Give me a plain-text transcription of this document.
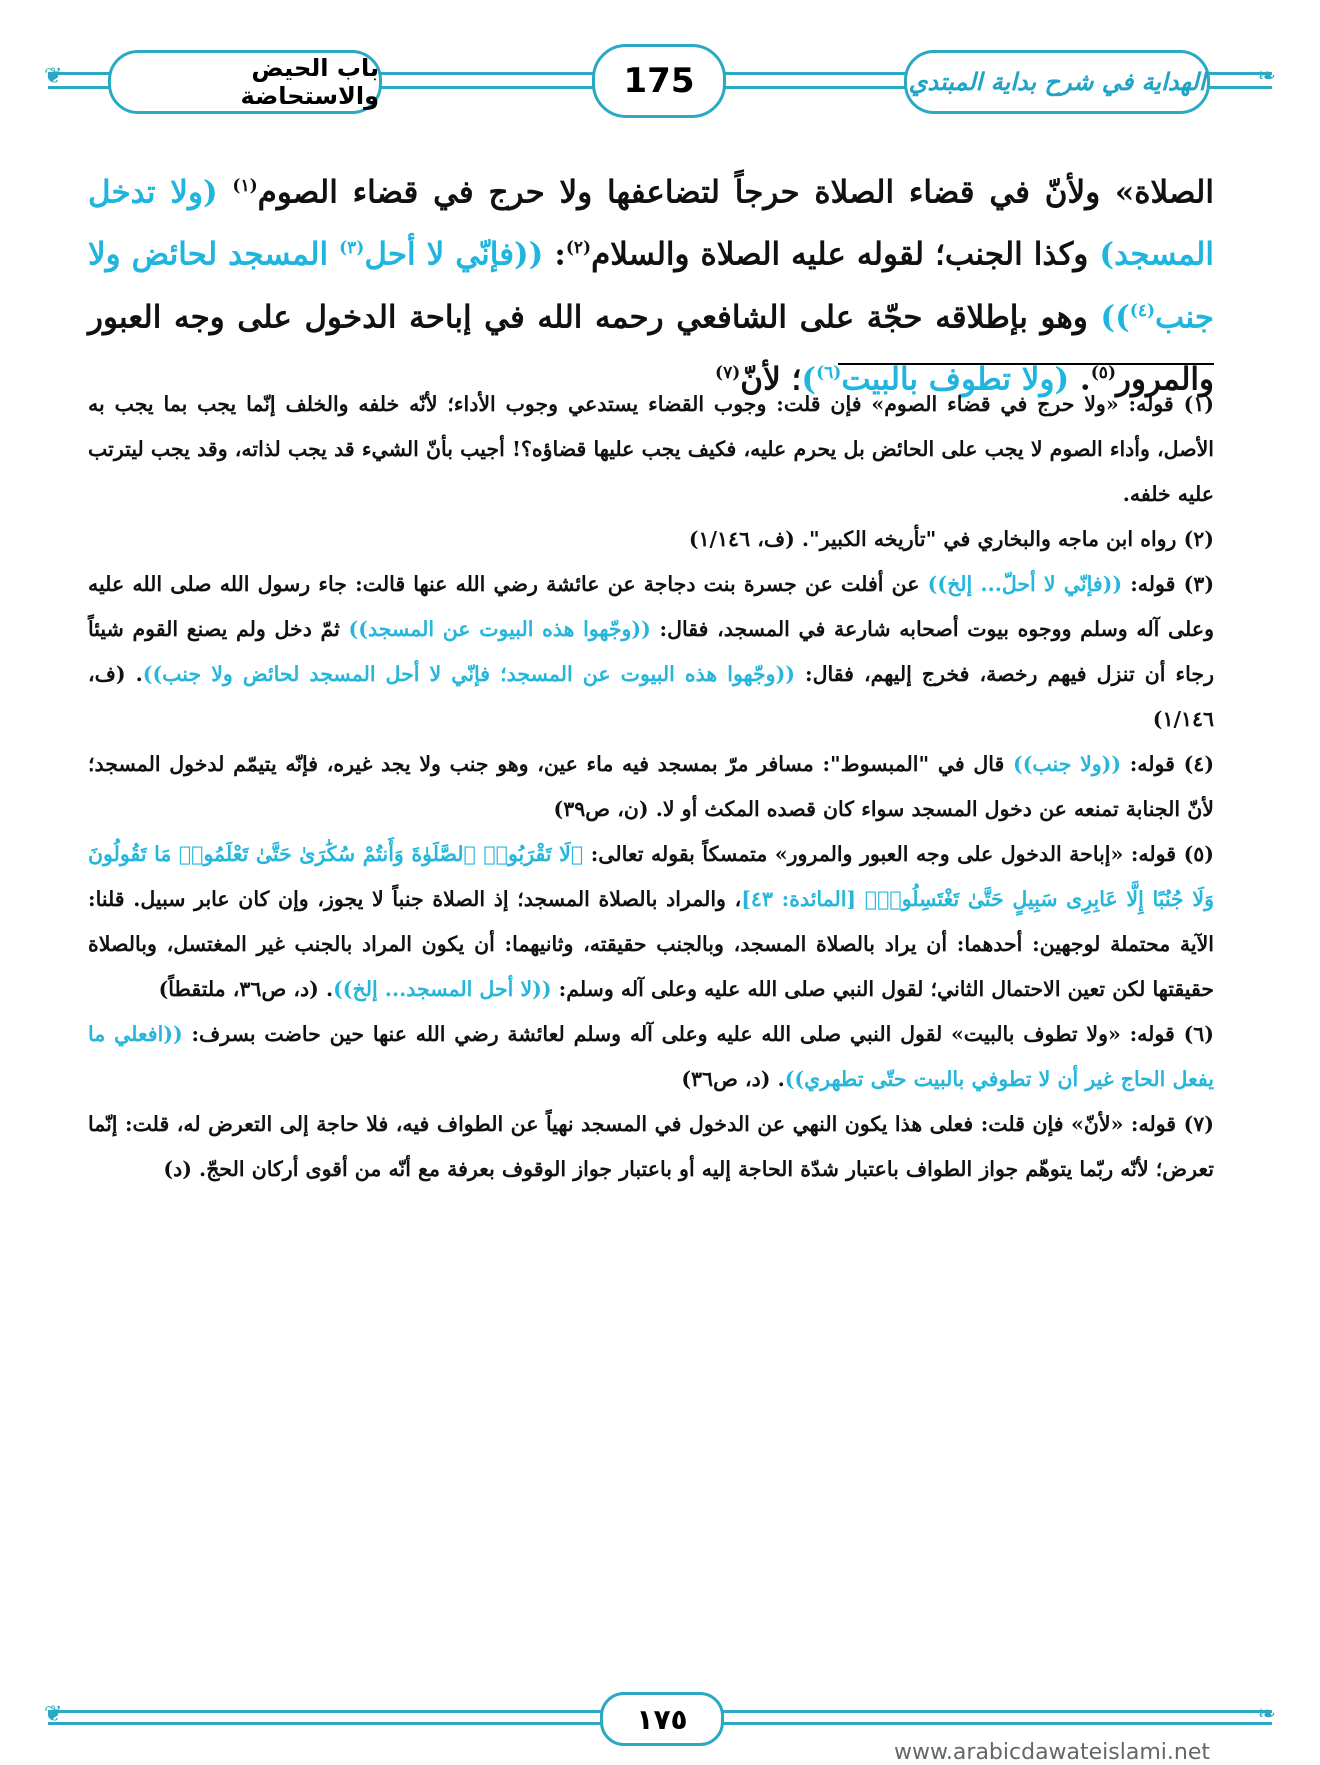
❦	❧
باب الحيض والاستحاضة	175	الهداية في شرح بداية المبتدي
الصلاة» ولأنّ في قضاء الصلاة حرجاً لتضاعفها ولا حرج في قضاء الصوم$^{(١)}$ (ولا تدخل المسجد) وكذا الجنب؛ لقوله عليه الصلاة والسلام$^{(٢)}$: ((فإنّي لا أحل$^{(٣)}$ المسجد لحائض ولا جنب$^{(٤)}$)) وهو بإطلاقه حجّة على الشافعي رحمه الله في إباحة الدخول على وجه العبور والمرور$^{(٥)}$. (ولا تطوف بالبيت$^{(٦)}$)؛ لأنّ$^{(٧)}$

(١) قوله: «ولا حرج في قضاء الصوم» فإن قلت: وجوب القضاء يستدعي وجوب الأداء؛ لأنّه خلفه والخلف إنّما يجب بما يجب به الأصل، وأداء الصوم لا يجب على الحائض بل يحرم عليه، فكيف يجب عليها قضاؤه؟! أجيب بأنّ الشيء قد يجب لذاته، وقد يجب ليترتب عليه خلفه.

(٢) رواه ابن ماجه والبخاري في "تأريخه الكبير". (ف، ١/١٤٦)

(٣) قوله: ((فإنّي لا أحلّ... إلخ)) عن أفلت عن جسرة بنت دجاجة عن عائشة رضي الله عنها قالت: جاء رسول الله صلى الله عليه وعلى آله وسلم ووجوه بيوت أصحابه شارعة في المسجد، فقال: ((وجّهوا هذه البيوت عن المسجد)) ثمّ دخل ولم يصنع القوم شيئاً رجاء أن تنزل فيهم رخصة، فخرج إليهم، فقال: ((وجّهوا هذه البيوت عن المسجد؛ فإنّي لا أحل المسجد لحائض ولا جنب)). (ف، ١/١٤٦)

(٤) قوله: ((ولا جنب)) قال في "المبسوط": مسافر مرّ بمسجد فيه ماء عين، وهو جنب ولا يجد غيره، فإنّه يتيمّم لدخول المسجد؛ لأنّ الجنابة تمنعه عن دخول المسجد سواء كان قصده المكث أو لا. (ن، ص٣٩)

(٥) قوله: «إباحة الدخول على وجه العبور والمرور» متمسكاً بقوله تعالى: ﴿لَا تَقْرَبُوا۟ ٱلصَّلَوٰةَ وَأَنتُمْ سُكَٰرَىٰ حَتَّىٰ تَعْلَمُوا۟ مَا تَقُولُونَ وَلَا جُنُبًا إِلَّا عَابِرِى سَبِيلٍ حَتَّىٰ تَغْتَسِلُوا۟﴾ [المائدة: ٤٣]، والمراد بالصلاة المسجد؛ إذ الصلاة جنباً لا يجوز، وإن كان عابر سبيل. قلنا: الآية محتملة لوجهين: أحدهما: أن يراد بالصلاة المسجد، وبالجنب حقيقته، وثانيهما: أن يكون المراد بالجنب غير المغتسل، وبالصلاة حقيقتها لكن تعين الاحتمال الثاني؛ لقول النبي صلى الله عليه وعلى آله وسلم: ((لا أحل المسجد... إلخ)). (د، ص٣٦، ملتقطاً)

(٦) قوله: «ولا تطوف بالبيت» لقول النبي صلى الله عليه وعلى آله وسلم لعائشة رضي الله عنها حين حاضت بسرف: ((افعلي ما يفعل الحاج غير أن لا تطوفي بالبيت حتّى تطهري)). (د، ص٣٦)

(٧) قوله: «لأنّ» فإن قلت: فعلى هذا يكون النهي عن الدخول في المسجد نهياً عن الطواف فيه، فلا حاجة إلى التعرض له، قلت: إنّما تعرض؛ لأنّه ربّما يتوهّم جواز الطواف باعتبار شدّة الحاجة إليه أو باعتبار جواز الوقوف بعرفة مع أنّه من أقوى أركان الحجّ. (د)

❦	❧
١٧٥
www.arabicdawateislami.net
